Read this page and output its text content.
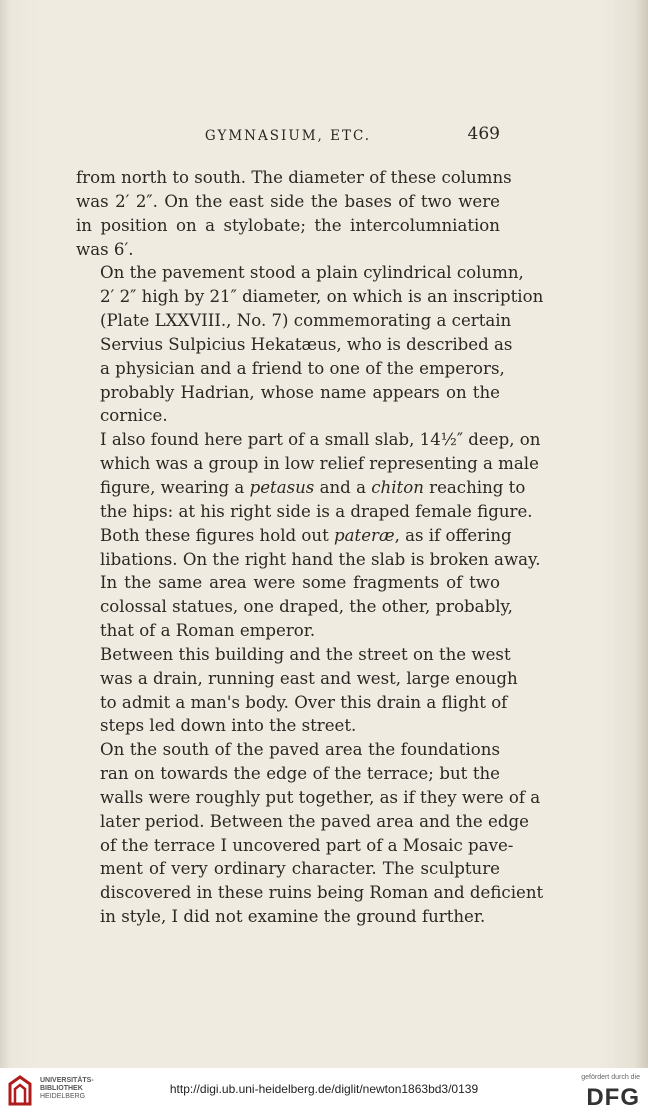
GYMNASIUM, ETC.	469

from north to south. The diameter of these columns
was 2′ 2″. On the east side the bases of two were
in position on a stylobate; the intercolumniation
was 6′.

On the pavement stood a plain cylindrical column,
2′ 2″ high by 21″ diameter, on which is an inscription
(Plate LXXVIII., No. 7) commemorating a certain
Servius Sulpicius Hekatæus, who is described as
a physician and a friend to one of the emperors,
probably Hadrian, whose name appears on the
cornice.

I also found here part of a small slab, 14½″ deep, on
which was a group in low relief representing a male
figure, wearing a petasus and a chiton reaching to
the hips: at his right side is a draped female figure.
Both these figures hold out pateræ, as if offering
libations. On the right hand the slab is broken away.

In the same area were some fragments of two
colossal statues, one draped, the other, probably,
that of a Roman emperor.

Between this building and the street on the west
was a drain, running east and west, large enough
to admit a man's body. Over this drain a flight of
steps led down into the street.

On the south of the paved area the foundations
ran on towards the edge of the terrace; but the
walls were roughly put together, as if they were of a
later period. Between the paved area and the edge
of the terrace I uncovered part of a Mosaic pave-
ment of very ordinary character. The sculpture
discovered in these ruins being Roman and deficient
in style, I did not examine the ground further.

UNIVERSITÄTS-
BIBLIOTHEK
HEIDELBERG
http://digi.ub.uni-heidelberg.de/diglit/newton1863bd3/0139
gefördert durch die
DFG
